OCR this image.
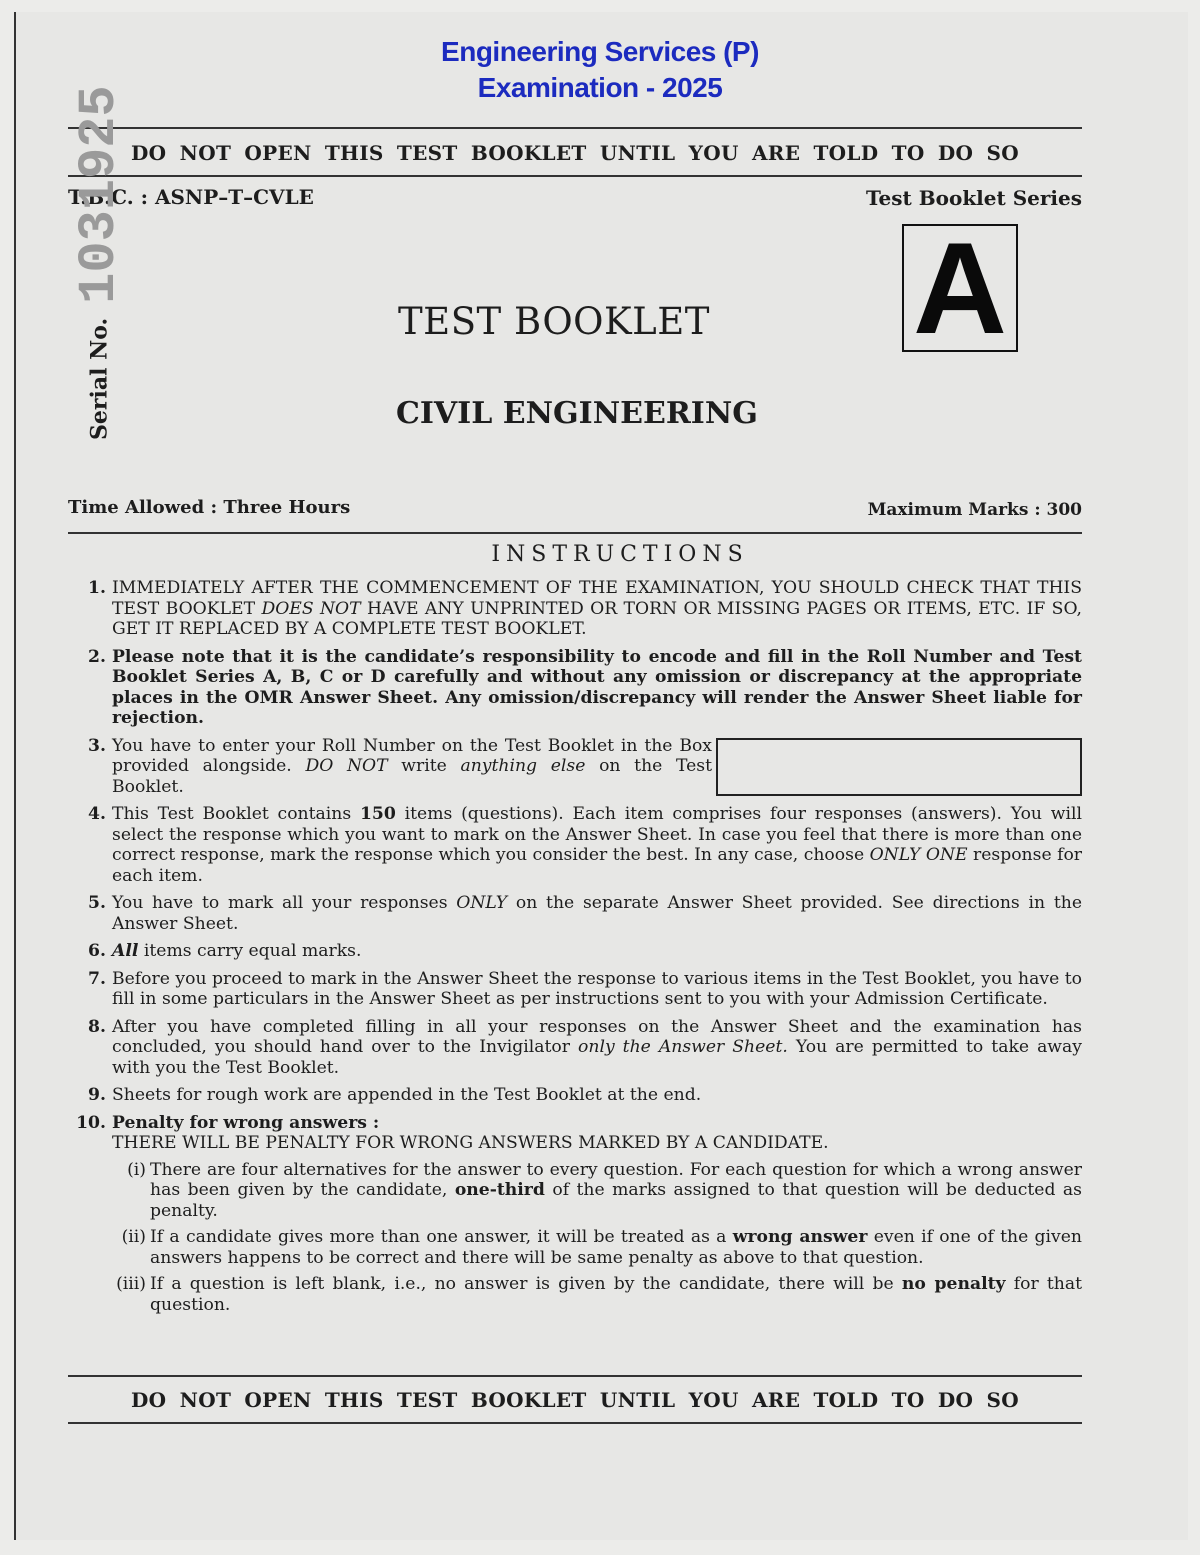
Engineering Services (P)
Examination - 2025
DO NOT OPEN THIS TEST BOOKLET UNTIL YOU ARE TOLD TO DO SO
T.B.C. : ASNP–T–CVLE	Test Booklet Series
A
Serial No.1031925
TEST BOOKLET
CIVIL ENGINEERING
Time Allowed : Three Hours	Maximum Marks : 300
INSTRUCTIONS
1. IMMEDIATELY AFTER THE COMMENCEMENT OF THE EXAMINATION, YOU SHOULD CHECK THAT THIS TEST BOOKLET DOES NOT HAVE ANY UNPRINTED OR TORN OR MISSING PAGES OR ITEMS, ETC. IF SO, GET IT REPLACED BY A COMPLETE TEST BOOKLET.

2. Please note that it is the candidate’s responsibility to encode and fill in the Roll Number and Test Booklet Series A, B, C or D carefully and without any omission or discrepancy at the appropriate places in the OMR Answer Sheet. Any omission/discrepancy will render the Answer Sheet liable for rejection.

3. You have to enter your Roll Number on the Test Booklet in the Box provided alongside. DO NOT write anything else on the Test Booklet.

4. This Test Booklet contains 150 items (questions). Each item comprises four responses (answers). You will select the response which you want to mark on the Answer Sheet. In case you feel that there is more than one correct response, mark the response which you consider the best. In any case, choose ONLY ONE response for each item.

5. You have to mark all your responses ONLY on the separate Answer Sheet provided. See directions in the Answer Sheet.

6. All items carry equal marks.

7. Before you proceed to mark in the Answer Sheet the response to various items in the Test Booklet, you have to fill in some particulars in the Answer Sheet as per instructions sent to you with your Admission Certificate.

8. After you have completed filling in all your responses on the Answer Sheet and the examination has concluded, you should hand over to the Invigilator only the Answer Sheet. You are permitted to take away with you the Test Booklet.

9. Sheets for rough work are appended in the Test Booklet at the end.

10. Penalty for wrong answers :

THERE WILL BE PENALTY FOR WRONG ANSWERS MARKED BY A CANDIDATE.

(i) There are four alternatives for the answer to every question. For each question for which a wrong answer has been given by the candidate, one-third of the marks assigned to that question will be deducted as penalty.

(ii) If a candidate gives more than one answer, it will be treated as a wrong answer even if one of the given answers happens to be correct and there will be same penalty as above to that question.

(iii) If a question is left blank, i.e., no answer is given by the candidate, there will be no penalty for that question.

DO NOT OPEN THIS TEST BOOKLET UNTIL YOU ARE TOLD TO DO SO
